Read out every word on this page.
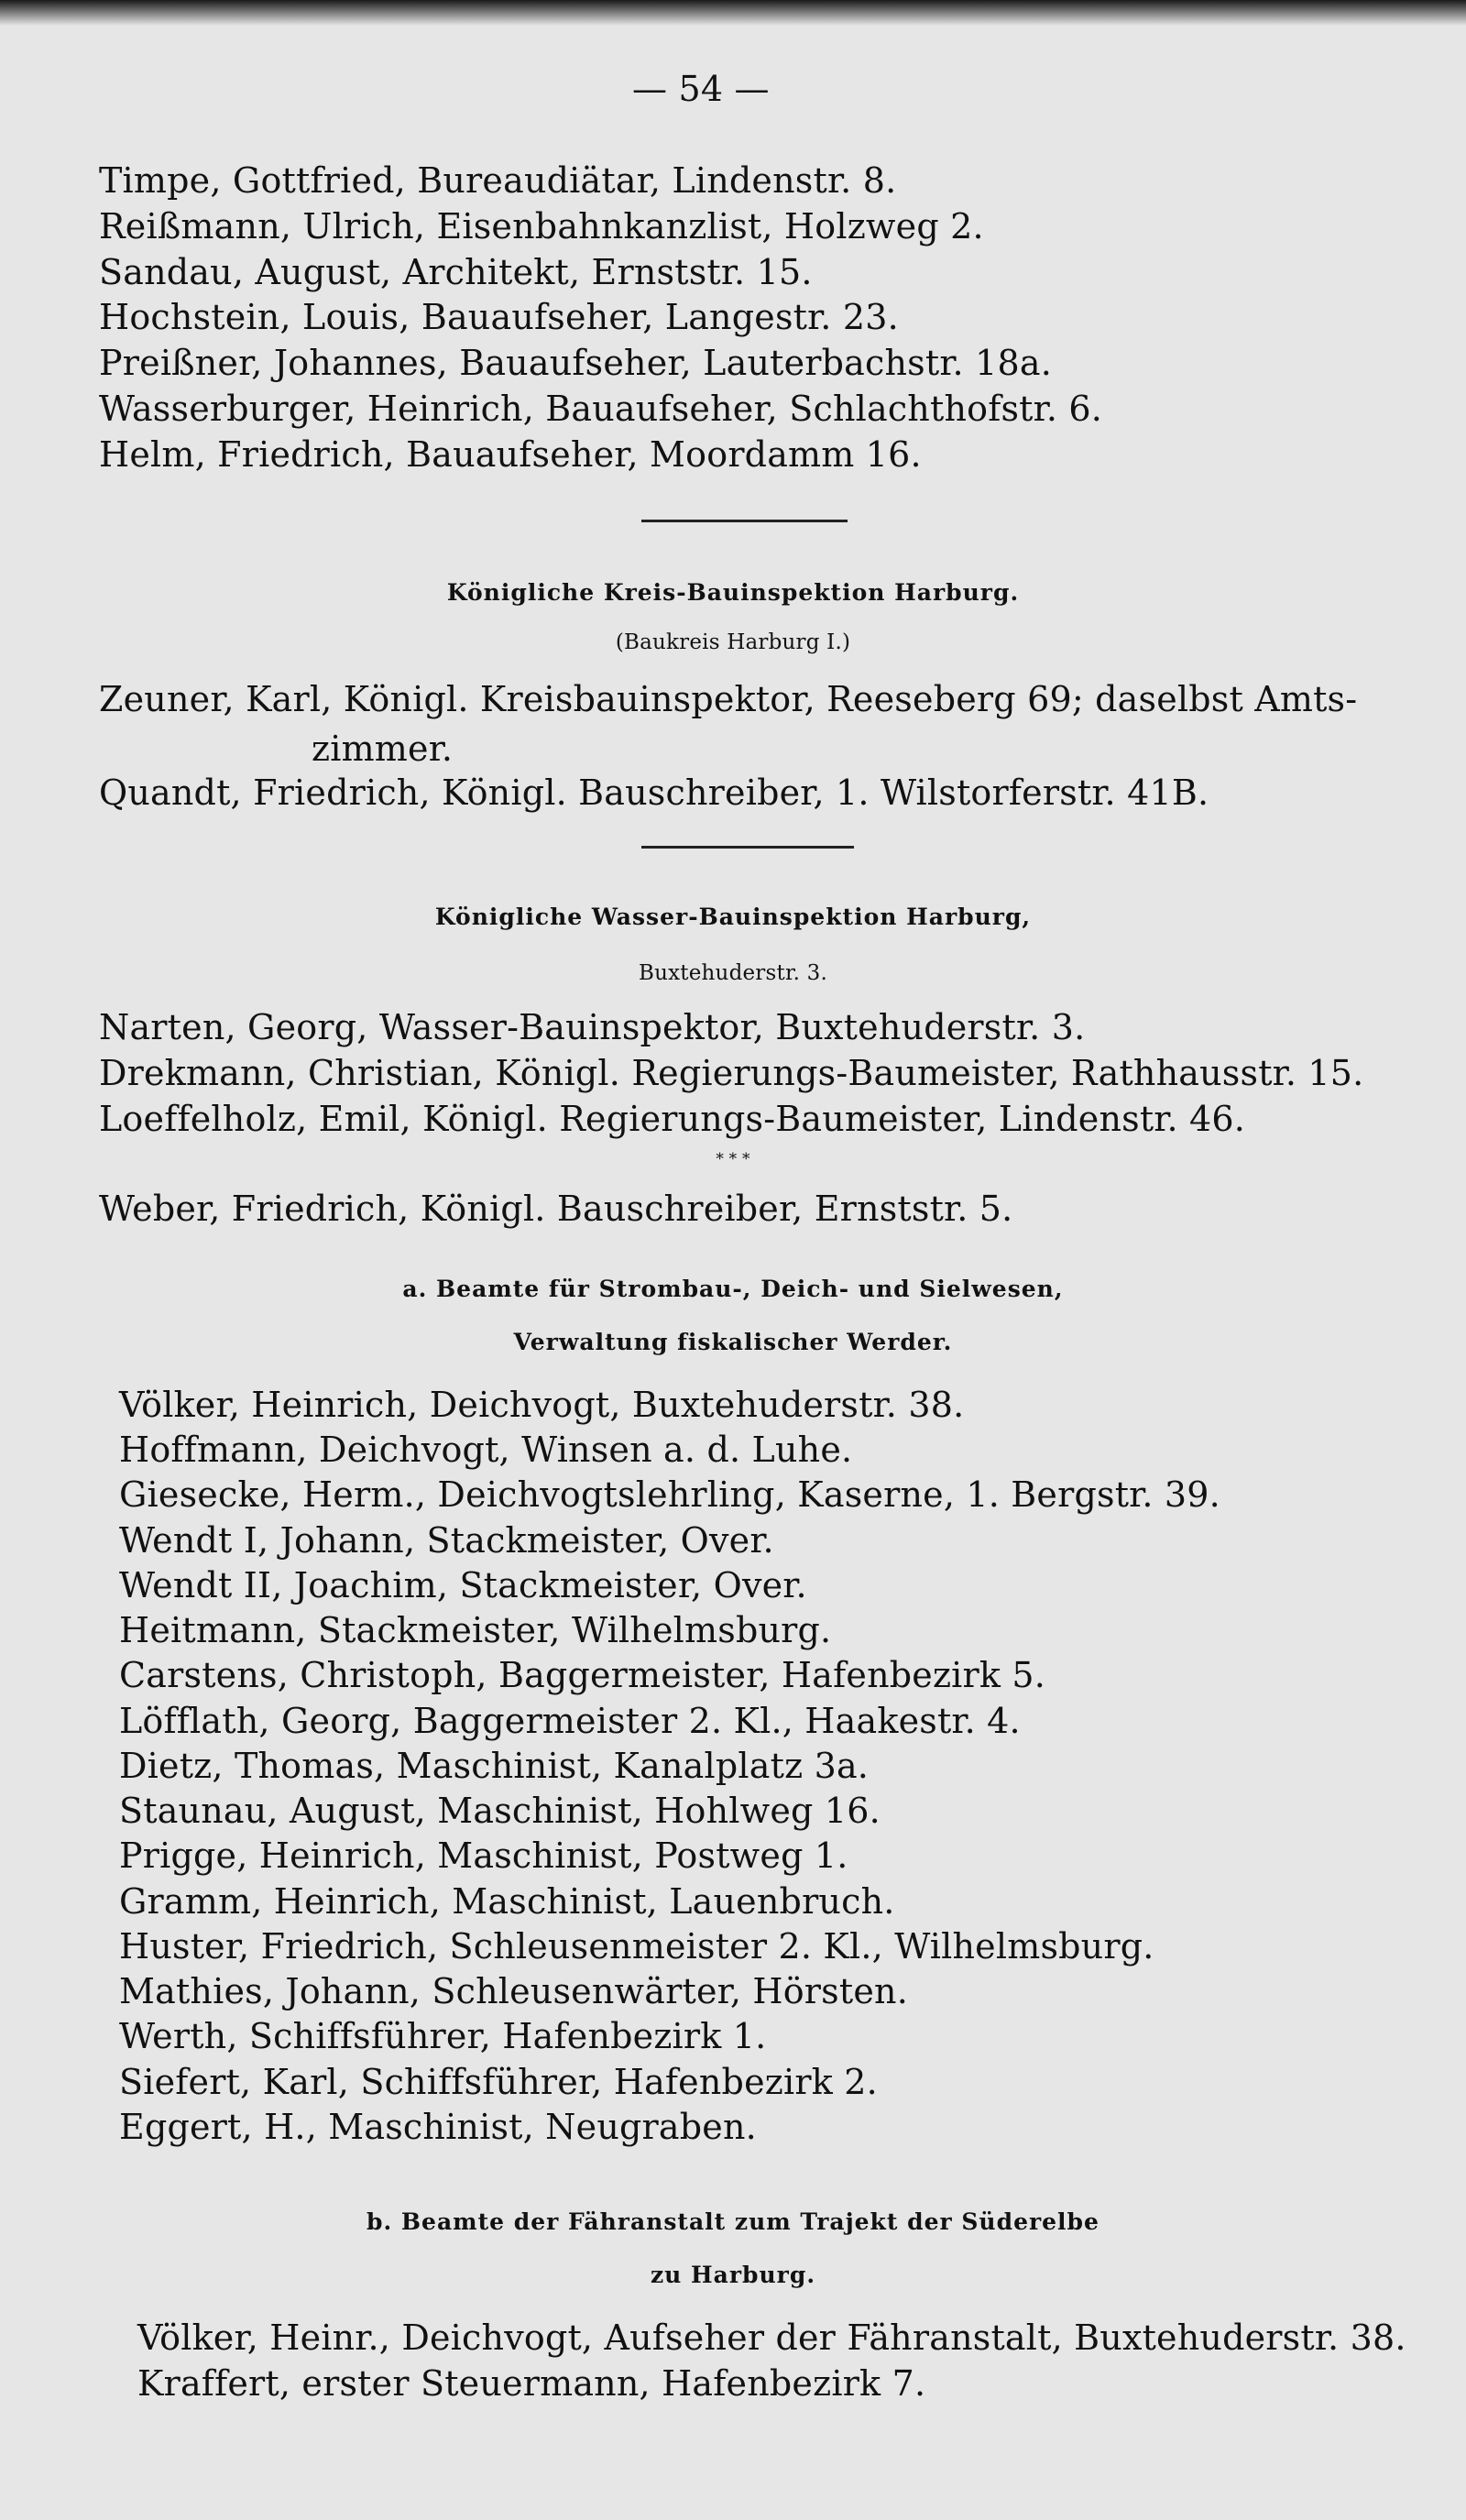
— 54 —
Timpe, Gottfried, Bureaudiätar, Lindenstr. 8.
Reißmann, Ulrich, Eisenbahnkanzlist, Holzweg 2.
Sandau, August, Architekt, Ernststr. 15.
Hochstein, Louis, Bauaufseher, Langestr. 23.
Preißner, Johannes, Bauaufseher, Lauterbachstr. 18a.
Wasserburger, Heinrich, Bauaufseher, Schlachthofstr. 6.
Helm, Friedrich, Bauaufseher, Moordamm 16.
Königliche Kreis-Bauinspektion Harburg.
(Baukreis Harburg I.)
Zeuner, Karl, Königl. Kreisbauinspektor, Reeseberg 69; daselbst Amts-
zimmer.
Quandt, Friedrich, Königl. Bauschreiber, 1. Wilstorferstr. 41B.
Königliche Wasser-Bauinspektion Harburg,
Buxtehuderstr. 3.
Narten, Georg, Wasser-Bauinspektor, Buxtehuderstr. 3.
Drekmann, Christian, Königl. Regierungs-Baumeister, Rathhausstr. 15.
Loeffelholz, Emil, Königl. Regierungs-Baumeister, Lindenstr. 46.
* * *
Weber, Friedrich, Königl. Bauschreiber, Ernststr. 5.
a. Beamte für Strombau-, Deich- und Sielwesen,
Verwaltung fiskalischer Werder.
Völker, Heinrich, Deichvogt, Buxtehuderstr. 38.
Hoffmann, Deichvogt, Winsen a. d. Luhe.
Giesecke, Herm., Deichvogtslehrling, Kaserne, 1. Bergstr. 39.
Wendt I, Johann, Stackmeister, Over.
Wendt II, Joachim, Stackmeister, Over.
Heitmann, Stackmeister, Wilhelmsburg.
Carstens, Christoph, Baggermeister, Hafenbezirk 5.
Löfflath, Georg, Baggermeister 2. Kl., Haakestr. 4.
Dietz, Thomas, Maschinist, Kanalplatz 3a.
Staunau, August, Maschinist, Hohlweg 16.
Prigge, Heinrich, Maschinist, Postweg 1.
Gramm, Heinrich, Maschinist, Lauenbruch.
Huster, Friedrich, Schleusenmeister 2. Kl., Wilhelmsburg.
Mathies, Johann, Schleusenwärter, Hörsten.
Werth, Schiffsführer, Hafenbezirk 1.
Siefert, Karl, Schiffsführer, Hafenbezirk 2.
Eggert, H., Maschinist, Neugraben.
b. Beamte der Fähranstalt zum Trajekt der Süderelbe
zu Harburg.
Völker, Heinr., Deichvogt, Aufseher der Fähranstalt, Buxtehuderstr. 38.
Kraffert, erster Steuermann, Hafenbezirk 7.
